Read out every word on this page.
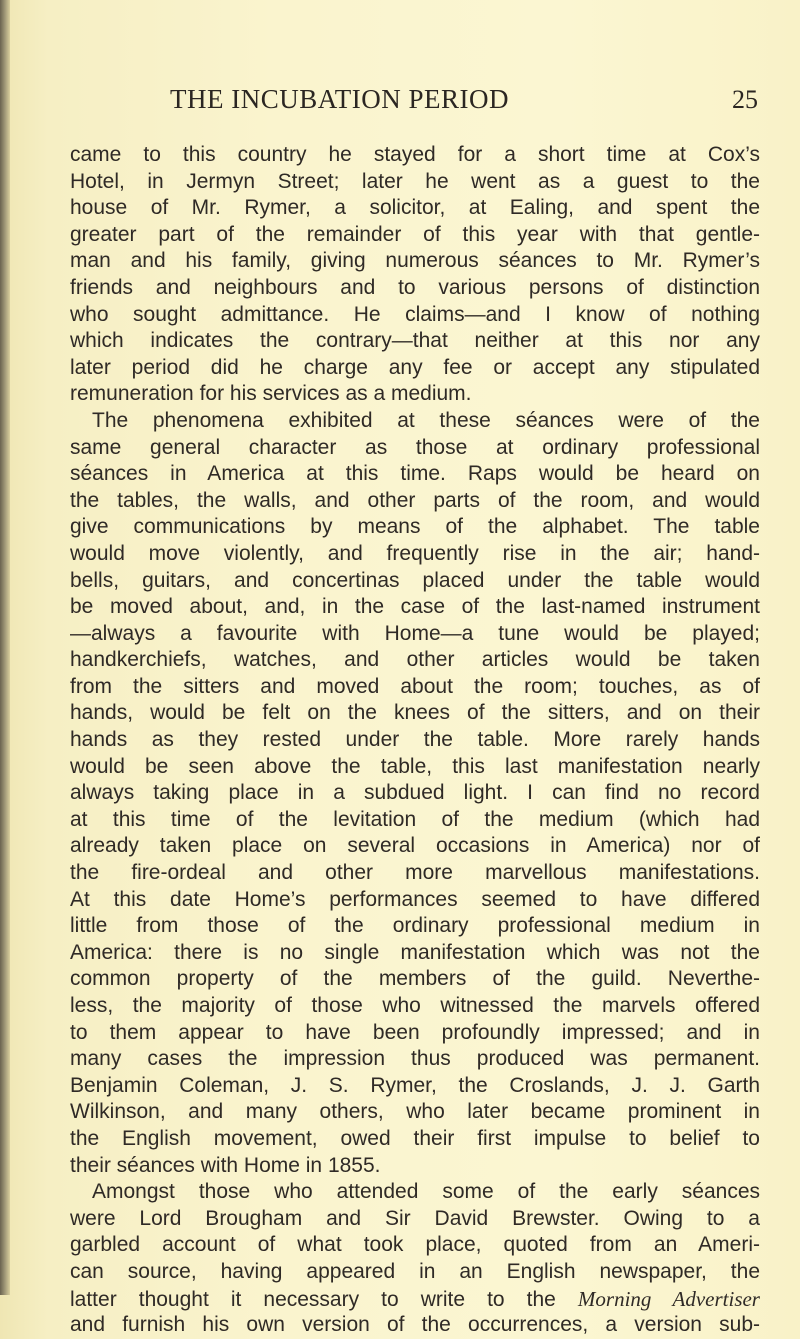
THE INCUBATION PERIOD	25
came to this country he stayed for a short time at Cox’s
Hotel, in Jermyn Street; later he went as a guest to the
house of Mr. Rymer, a solicitor, at Ealing, and spent the
greater part of the remainder of this year with that gentle-
man and his family, giving numerous séances to Mr. Rymer’s
friends and neighbours and to various persons of distinction
who sought admittance. He claims—and I know of nothing
which indicates the contrary—that neither at this nor any
later period did he charge any fee or accept any stipulated
remuneration for his services as a medium.
The phenomena exhibited at these séances were of the
same general character as those at ordinary professional
séances in America at this time. Raps would be heard on
the tables, the walls, and other parts of the room, and would
give communications by means of the alphabet. The table
would move violently, and frequently rise in the air; hand-
bells, guitars, and concertinas placed under the table would
be moved about, and, in the case of the last-named instrument
—always a favourite with Home—a tune would be played;
handkerchiefs, watches, and other articles would be taken
from the sitters and moved about the room; touches, as of
hands, would be felt on the knees of the sitters, and on their
hands as they rested under the table. More rarely hands
would be seen above the table, this last manifestation nearly
always taking place in a subdued light. I can find no record
at this time of the levitation of the medium (which had
already taken place on several occasions in America) nor of
the fire-ordeal and other more marvellous manifestations.
At this date Home’s performances seemed to have differed
little from those of the ordinary professional medium in
America: there is no single manifestation which was not the
common property of the members of the guild. Neverthe-
less, the majority of those who witnessed the marvels offered
to them appear to have been profoundly impressed; and in
many cases the impression thus produced was permanent.
Benjamin Coleman, J. S. Rymer, the Croslands, J. J. Garth
Wilkinson, and many others, who later became prominent in
the English movement, owed their first impulse to belief to
their séances with Home in 1855.
Amongst those who attended some of the early séances
were Lord Brougham and Sir David Brewster. Owing to a
garbled account of what took place, quoted from an Ameri-
can source, having appeared in an English newspaper, the
latter thought it necessary to write to the Morning Advertiser
and furnish his own version of the occurrences, a version sub-
